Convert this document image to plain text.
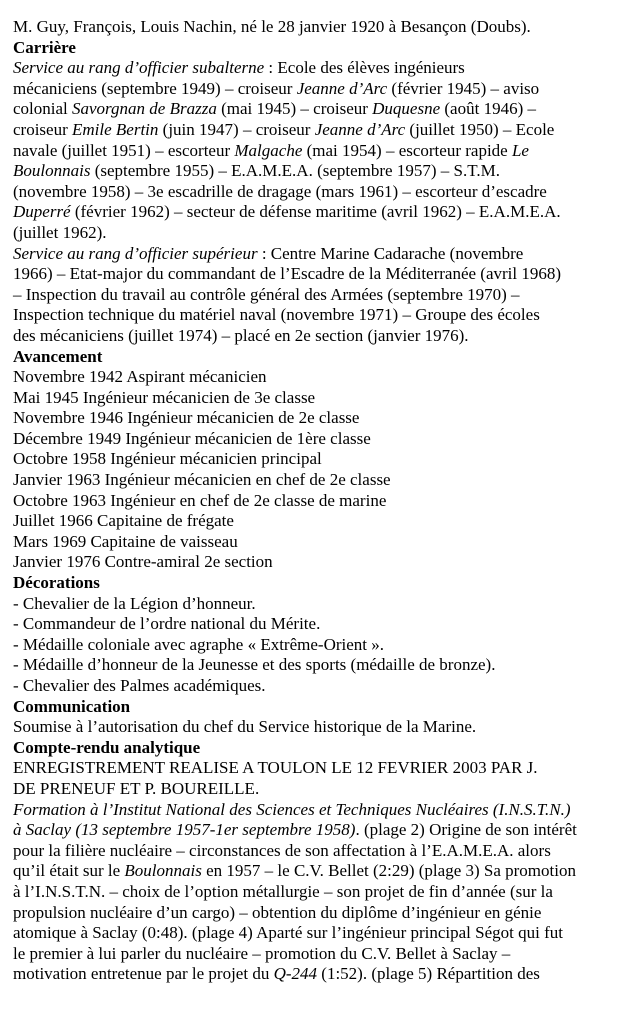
M. Guy, François, Louis Nachin, né le 28 janvier 1920 à Besançon (Doubs).
Carrière
Service au rang d’officier subalterne : Ecole des élèves ingénieurs
mécaniciens (septembre 1949) – croiseur Jeanne d’Arc (février 1945) – aviso
colonial Savorgnan de Brazza (mai 1945) – croiseur Duquesne (août 1946) –
croiseur Emile Bertin (juin 1947) – croiseur Jeanne d’Arc (juillet 1950) – Ecole
navale (juillet 1951) – escorteur Malgache (mai 1954) – escorteur rapide Le
Boulonnais (septembre 1955) – E.A.M.E.A. (septembre 1957) – S.T.M.
(novembre 1958) – 3e escadrille de dragage (mars 1961) – escorteur d’escadre
Duperré (février 1962) – secteur de défense maritime (avril 1962) – E.A.M.E.A.
(juillet 1962).
Service au rang d’officier supérieur : Centre Marine Cadarache (novembre
1966) – Etat-major du commandant de l’Escadre de la Méditerranée (avril 1968)
– Inspection du travail au contrôle général des Armées (septembre 1970) –
Inspection technique du matériel naval (novembre 1971) – Groupe des écoles
des mécaniciens (juillet 1974) – placé en 2e section (janvier 1976).
Avancement
Novembre 1942 Aspirant mécanicien
Mai 1945 Ingénieur mécanicien de 3e classe
Novembre 1946 Ingénieur mécanicien de 2e classe
Décembre 1949 Ingénieur mécanicien de 1ère classe
Octobre 1958 Ingénieur mécanicien principal
Janvier 1963 Ingénieur mécanicien en chef de 2e classe
Octobre 1963 Ingénieur en chef de 2e classe de marine
Juillet 1966 Capitaine de frégate
Mars 1969 Capitaine de vaisseau
Janvier 1976 Contre-amiral 2e section
Décorations
- Chevalier de la Légion d’honneur.
- Commandeur de l’ordre national du Mérite.
- Médaille coloniale avec agraphe « Extrême-Orient ».
- Médaille d’honneur de la Jeunesse et des sports (médaille de bronze).
- Chevalier des Palmes académiques.
Communication
Soumise à l’autorisation du chef du Service historique de la Marine.
Compte-rendu analytique
ENREGISTREMENT REALISE A TOULON LE 12 FEVRIER 2003 PAR J.
DE PRENEUF ET P. BOUREILLE.
Formation à l’Institut National des Sciences et Techniques Nucléaires (I.N.S.T.N.)
à Saclay (13 septembre 1957-1er septembre 1958). (plage 2) Origine de son intérêt
pour la filière nucléaire – circonstances de son affectation à l’E.A.M.E.A. alors
qu’il était sur le Boulonnais en 1957 – le C.V. Bellet (2:29) (plage 3) Sa promotion
à l’I.N.S.T.N. – choix de l’option métallurgie – son projet de fin d’année (sur la
propulsion nucléaire d’un cargo) – obtention du diplôme d’ingénieur en génie
atomique à Saclay (0:48). (plage 4) Aparté sur l’ingénieur principal Ségot qui fut
le premier à lui parler du nucléaire – promotion du C.V. Bellet à Saclay –
motivation entretenue par le projet du Q-244 (1:52). (plage 5) Répartition des
